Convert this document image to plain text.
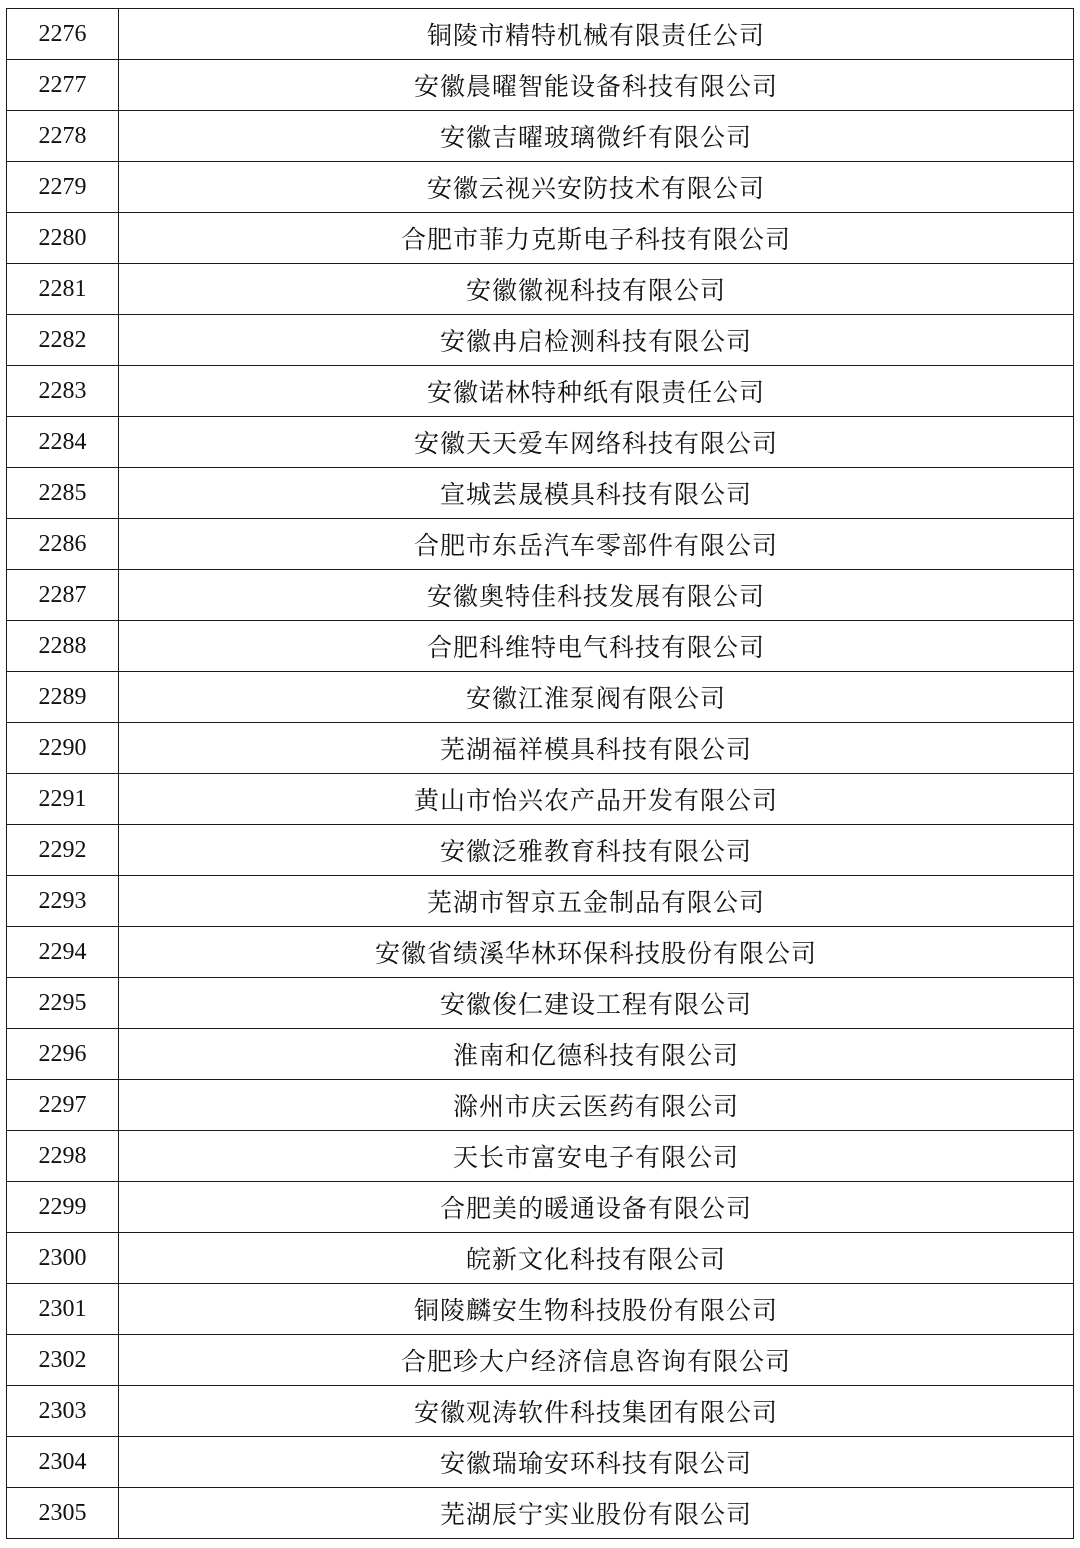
2276	铜陵市精特机械有限责任公司
2277	安徽晨曜智能设备科技有限公司
2278	安徽吉曜玻璃微纤有限公司
2279	安徽云视兴安防技术有限公司
2280	合肥市菲力克斯电子科技有限公司
2281	安徽徽视科技有限公司
2282	安徽冉启检测科技有限公司
2283	安徽诺林特种纸有限责任公司
2284	安徽天天爱车网络科技有限公司
2285	宣城芸晟模具科技有限公司
2286	合肥市东岳汽车零部件有限公司
2287	安徽奥特佳科技发展有限公司
2288	合肥科维特电气科技有限公司
2289	安徽江淮泵阀有限公司
2290	芜湖福祥模具科技有限公司
2291	黄山市怡兴农产品开发有限公司
2292	安徽泛雅教育科技有限公司
2293	芜湖市智京五金制品有限公司
2294	安徽省绩溪华林环保科技股份有限公司
2295	安徽俊仁建设工程有限公司
2296	淮南和亿德科技有限公司
2297	滁州市庆云医药有限公司
2298	天长市富安电子有限公司
2299	合肥美的暖通设备有限公司
2300	皖新文化科技有限公司
2301	铜陵麟安生物科技股份有限公司
2302	合肥珍大户经济信息咨询有限公司
2303	安徽观涛软件科技集团有限公司
2304	安徽瑞瑜安环科技有限公司
2305	芜湖辰宁实业股份有限公司
